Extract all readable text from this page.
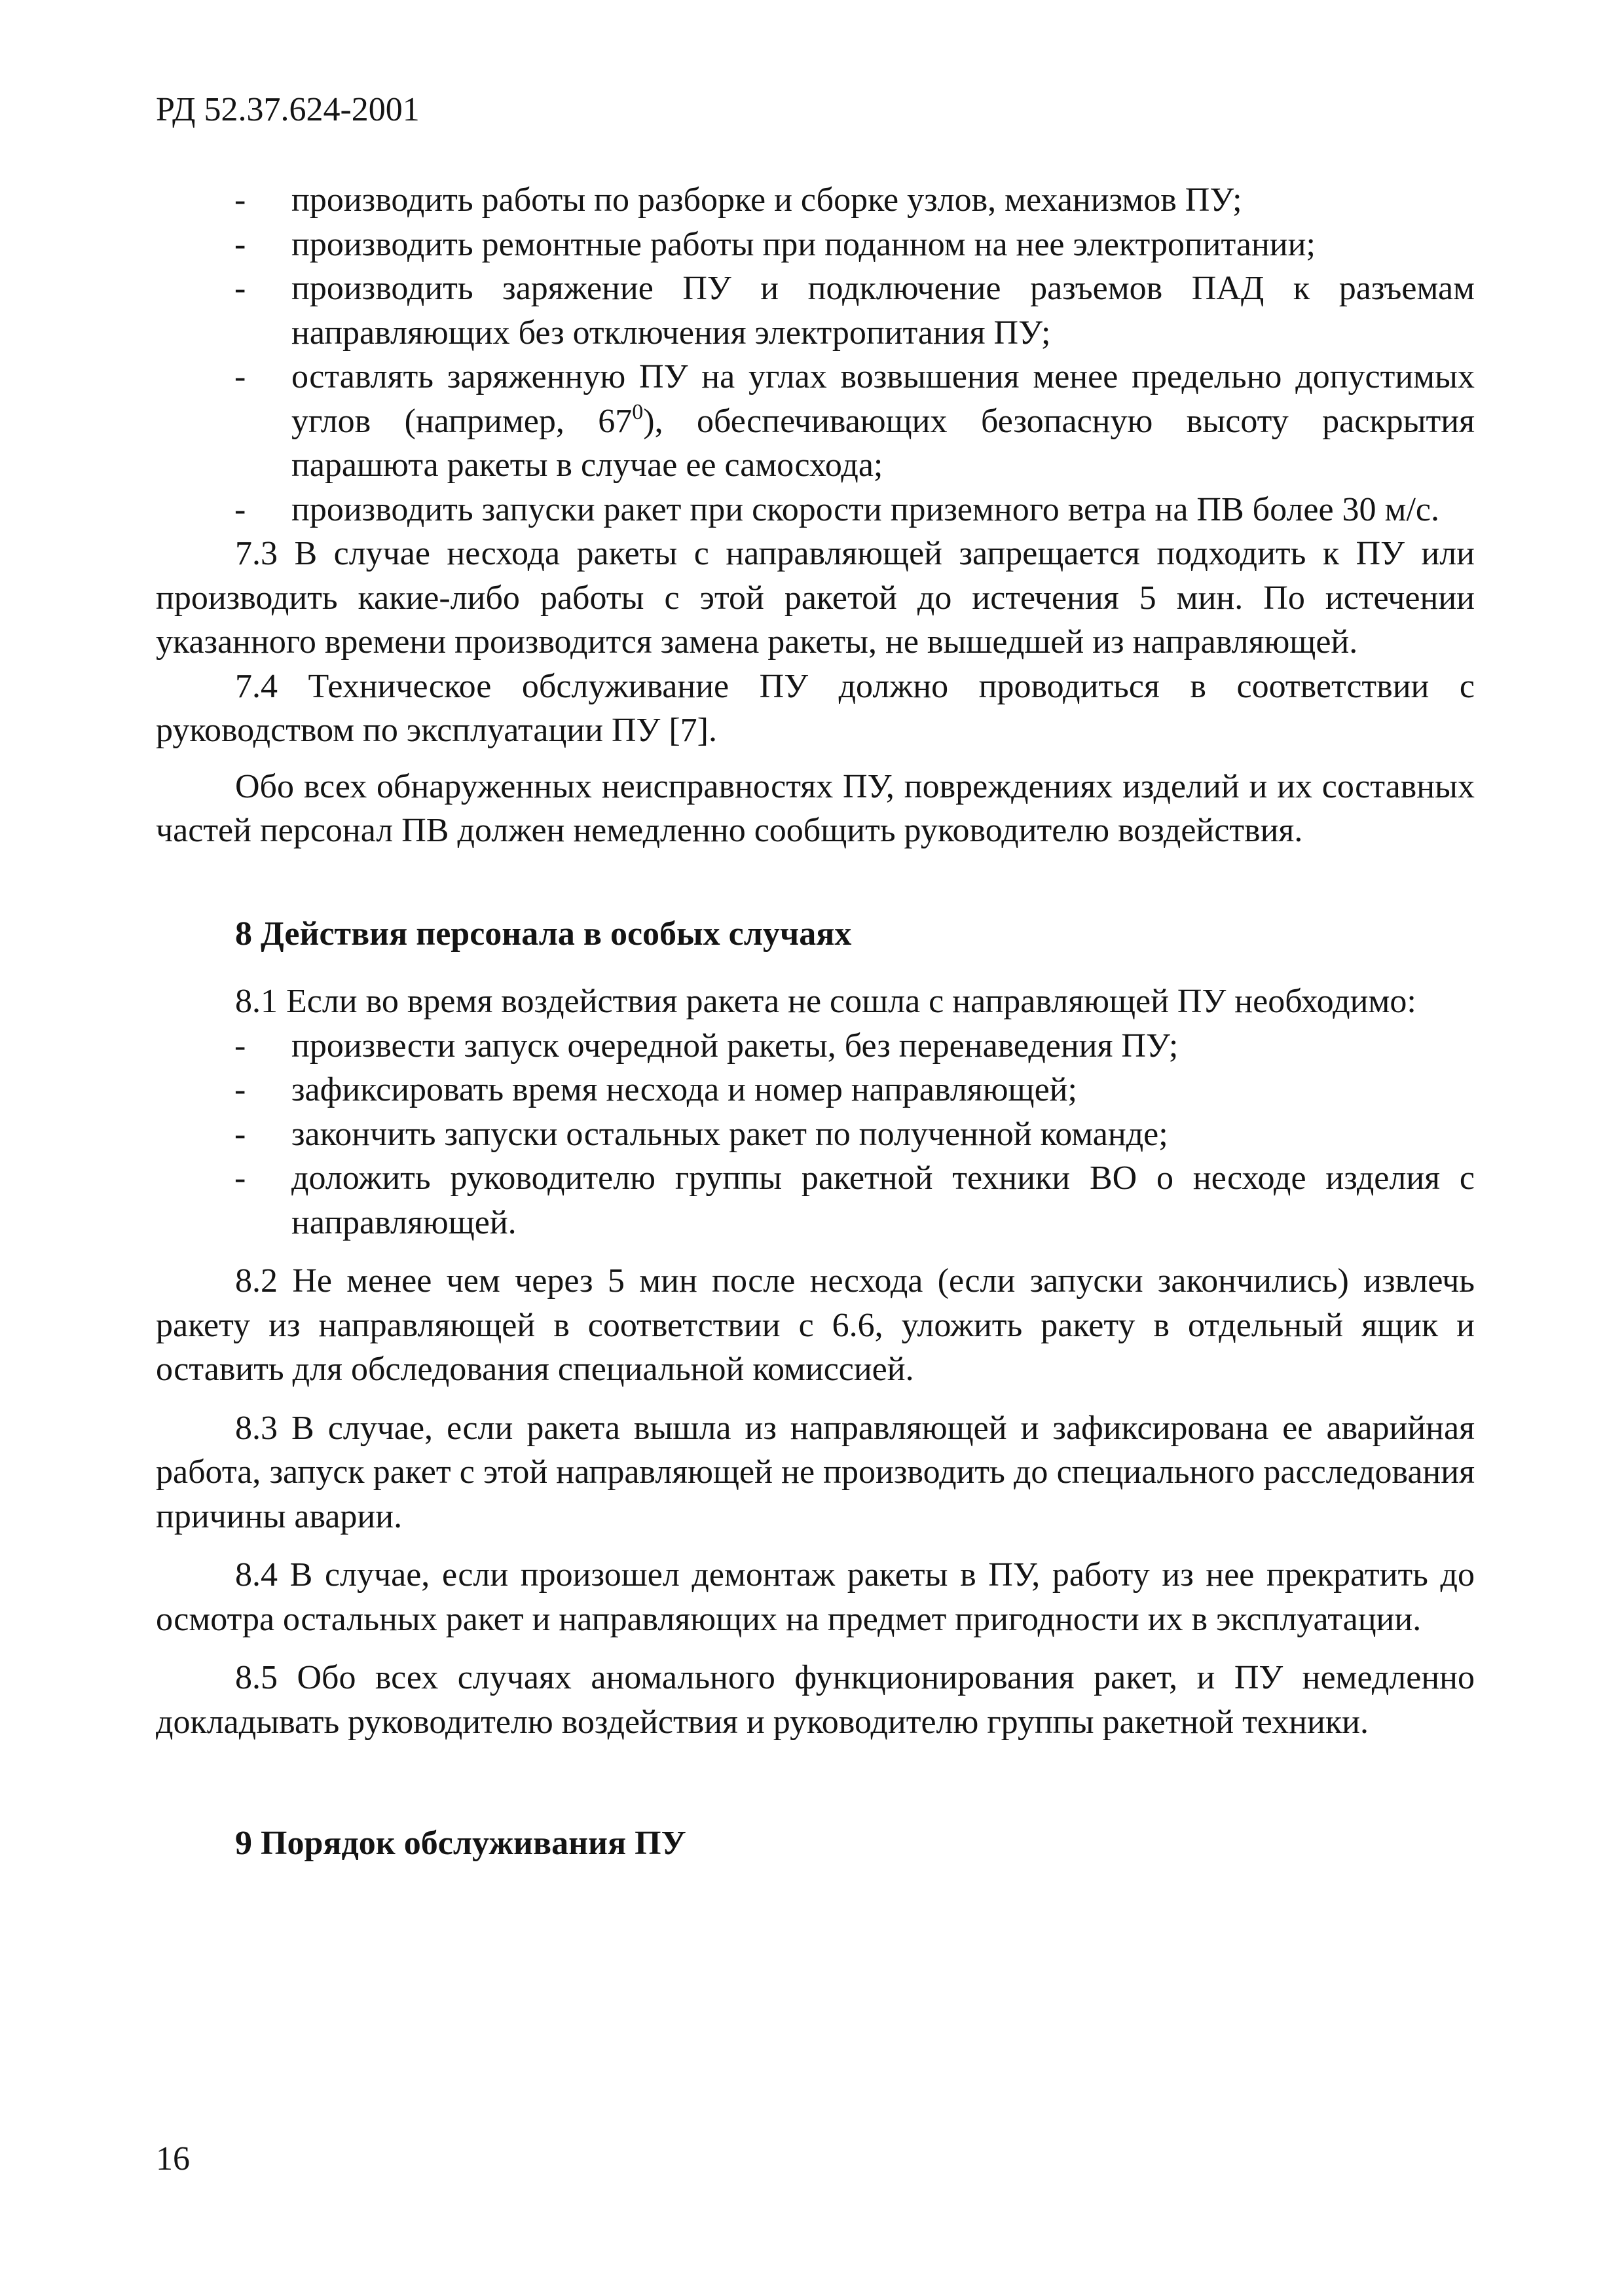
РД 52.37.624-2001
- производить работы по разборке и сборке узлов, механизмов ПУ;
- производить ремонтные работы при поданном на нее электропитании;
- производить заряжение ПУ и подключение разъемов ПАД к разъемам направляющих без отключения электропитания ПУ;
- оставлять заряженную ПУ на углах возвышения менее предельно допустимых углов (например, $67^0$), обеспечивающих безопасную высоту раскрытия парашюта ракеты в случае ее самосхода;
- производить запуски ракет при скорости приземного ветра на ПВ более 30 м/с.

7.3 В случае несхода ракеты с направляющей запрещается подходить к ПУ или производить какие-либо работы с этой ракетой до истечения 5 мин. По истечении указанного времени производится замена ракеты, не вышедшей из направляющей.

7.4 Техническое обслуживание ПУ должно проводиться в соответствии с руководством по эксплуатации ПУ [7].

Обо всех обнаруженных неисправностях ПУ, повреждениях изделий и их составных частей персонал ПВ должен немедленно сообщить руководителю воздействия.

8 Действия персонала в особых случаях

8.1 Если во время воздействия ракета не сошла с направляющей ПУ необходимо:

- произвести запуск очередной ракеты, без перенаведения ПУ;
- зафиксировать время несхода и номер направляющей;
- закончить запуски остальных ракет по полученной команде;
- доложить руководителю группы ракетной техники ВО о несходе изделия с направляющей.

8.2 Не менее чем через 5 мин после несхода (если запуски закончились) извлечь ракету из направляющей в соответствии с 6.6, уложить ракету в отдельный ящик и оставить для обследования специальной комиссией.

8.3 В случае, если ракета вышла из направляющей и зафиксирована ее аварийная работа, запуск ракет с этой направляющей не производить до специального расследования причины аварии.

8.4 В случае, если произошел демонтаж ракеты в ПУ, работу из нее прекратить до осмотра остальных ракет и направляющих на предмет пригодности их в эксплуатации.

8.5 Обо всех случаях аномального функционирования ракет, и ПУ немедленно докладывать руководителю воздействия и руководителю группы ракетной техники.

9 Порядок обслуживания ПУ

16
